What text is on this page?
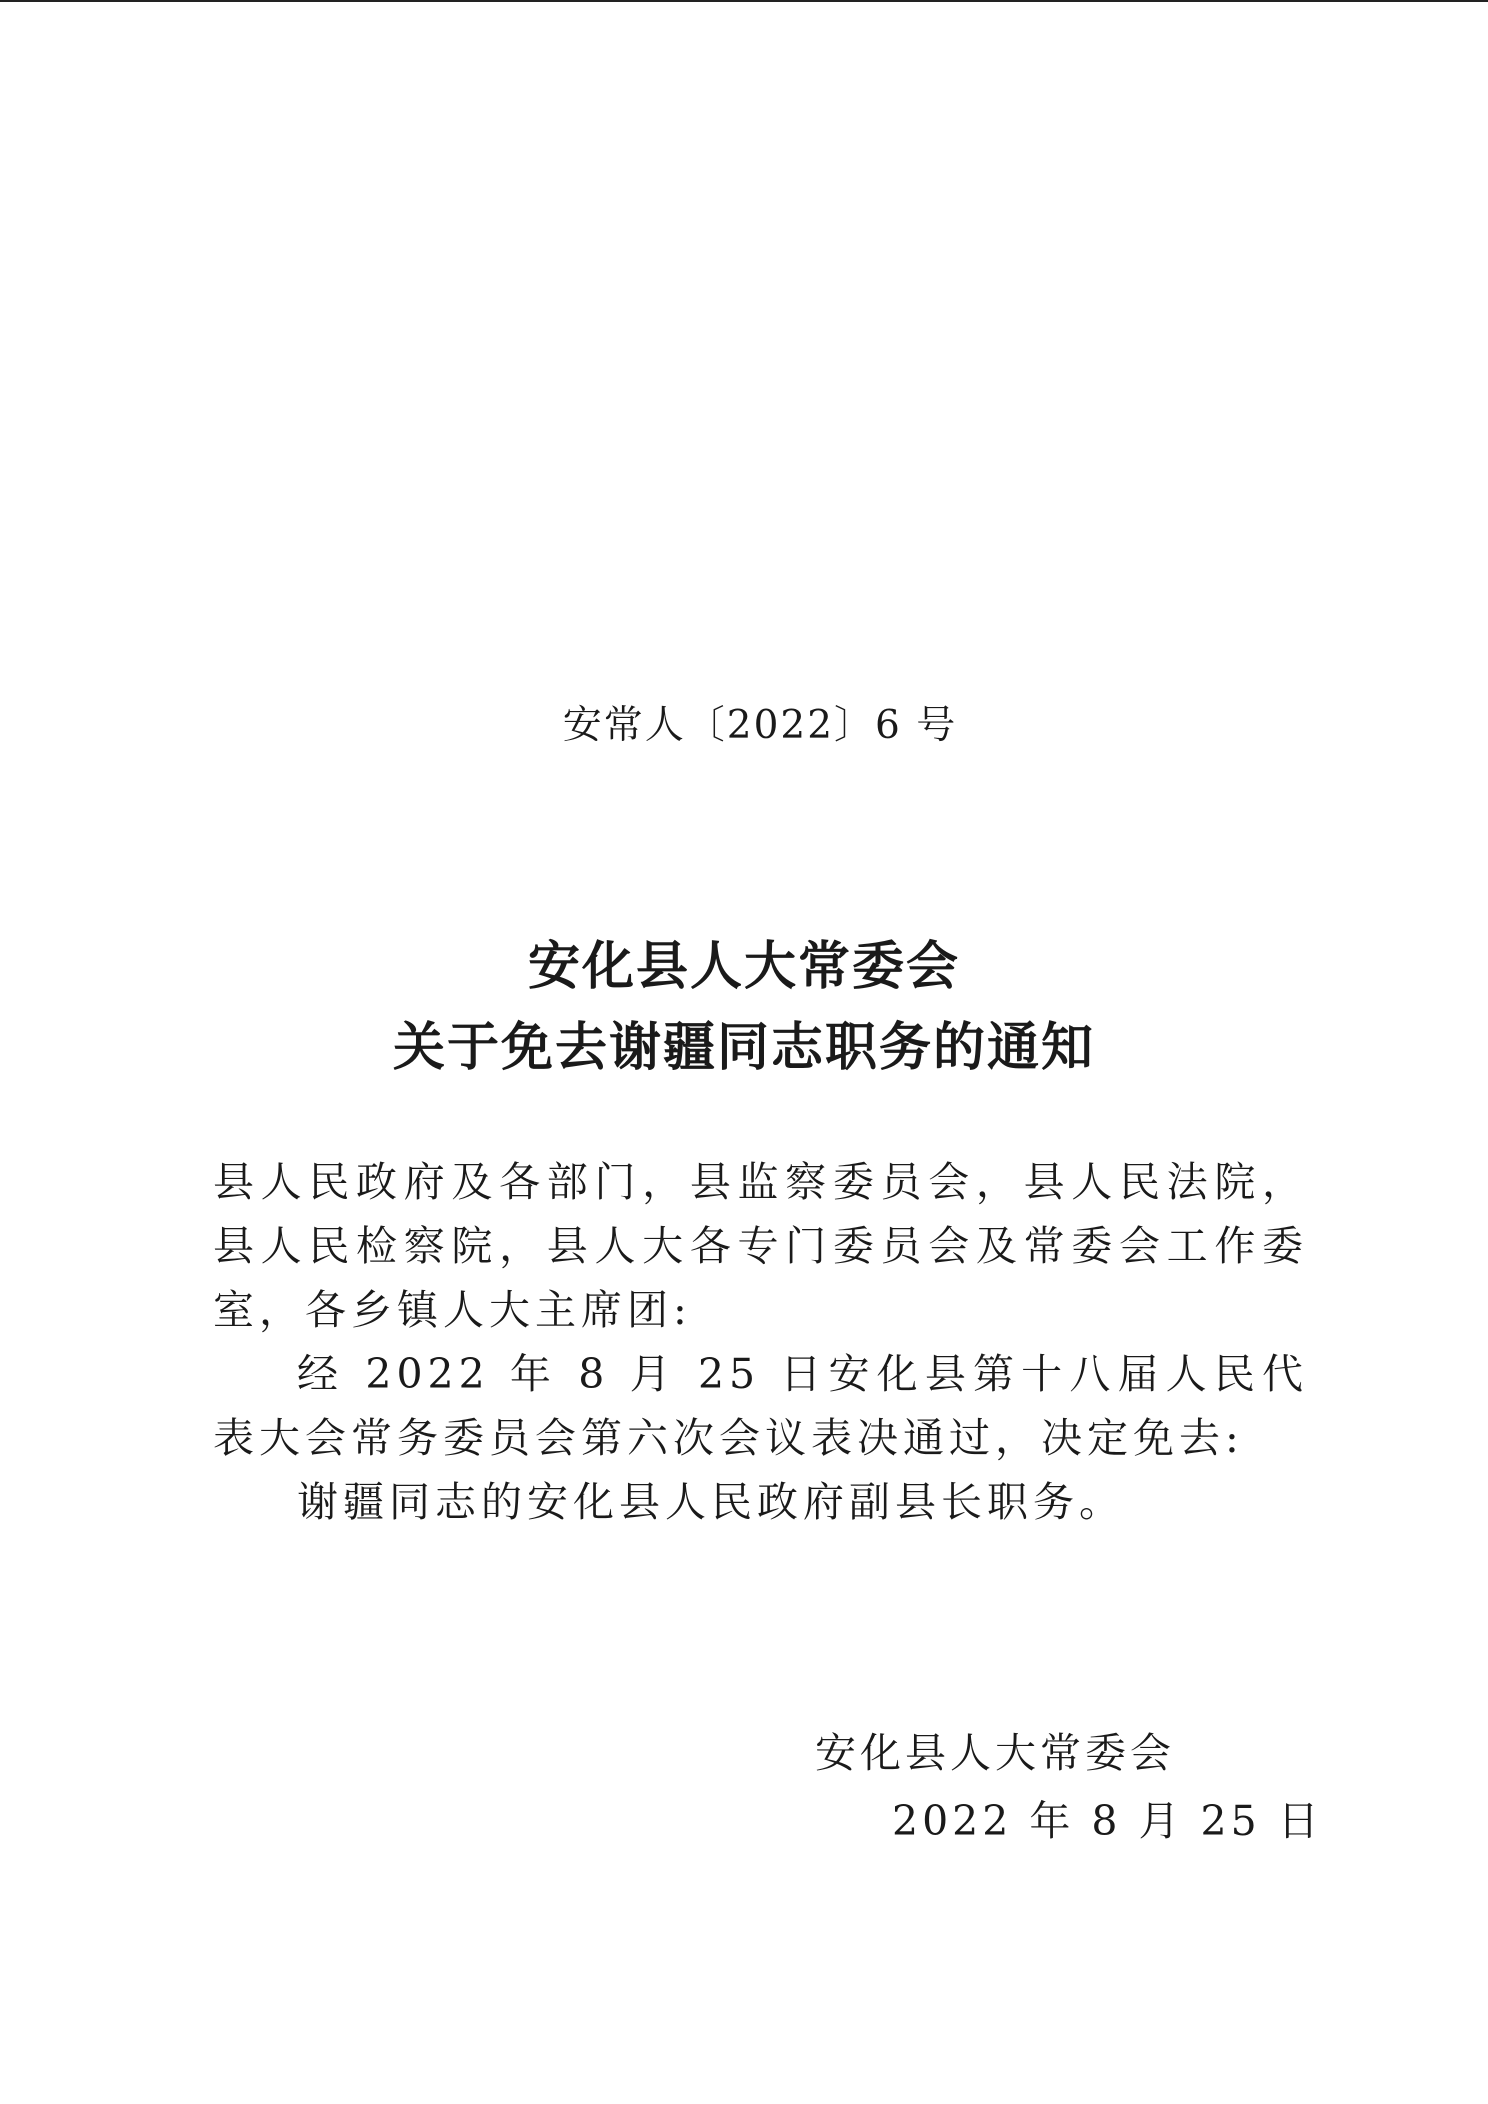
安常人〔2022〕6 号
安化县人大常委会
关于免去谢疆同志职务的通知
县人民政府及各部门，县监察委员会，县人民法院，县人民检察院，县人大各专门委员会及常委会工作委室，各乡镇人大主席团:
经 2022 年 8 月 25 日安化县第十八届人民代表大会常务委员会第六次会议表决通过，决定免去:
谢疆同志的安化县人民政府副县长职务。
安化县人大常委会
2022 年 8 月 25 日
